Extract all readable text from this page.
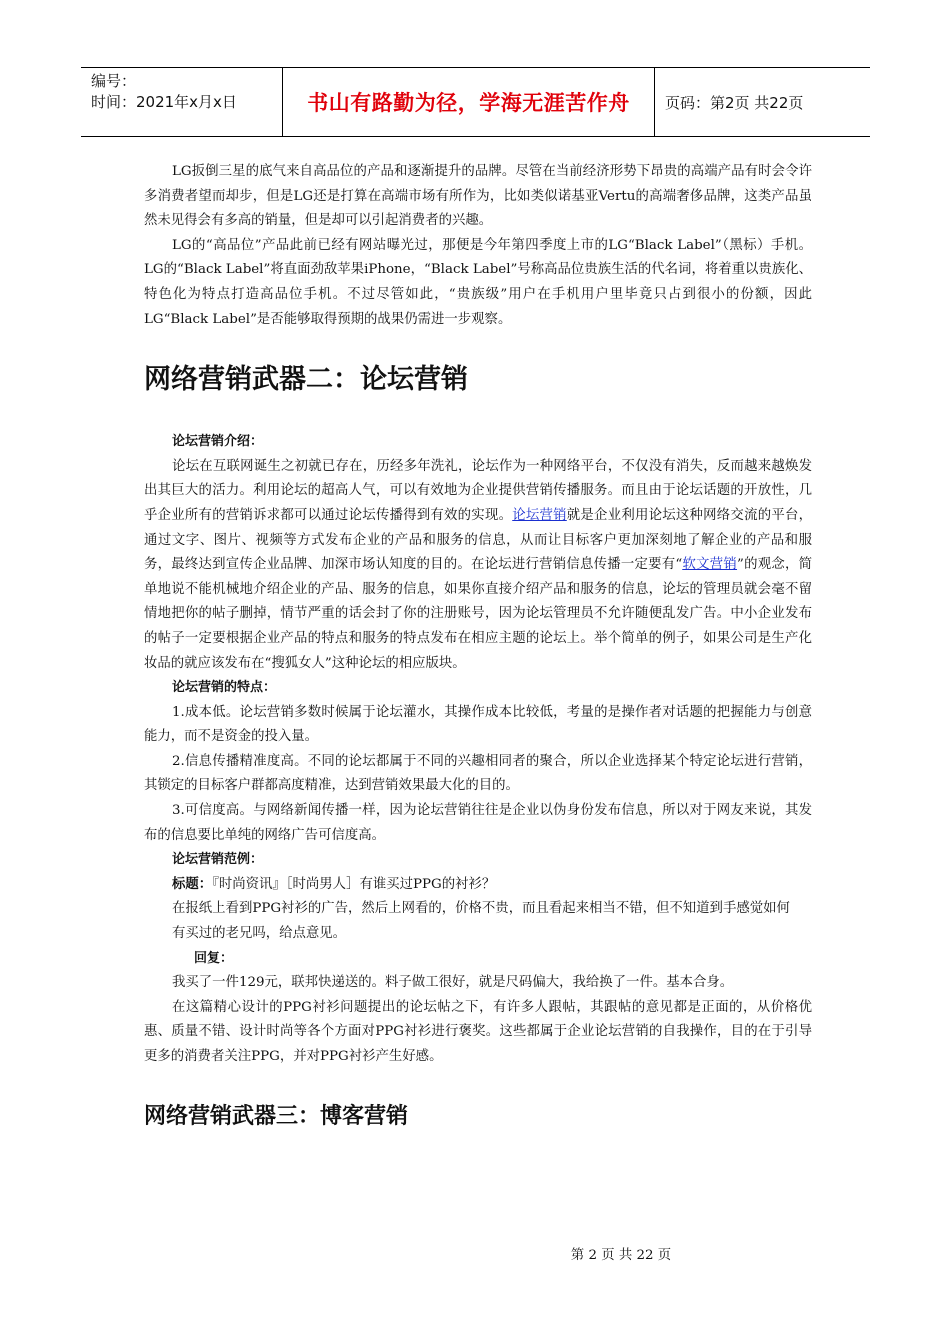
编号：
时间：2021年x月x日	书山有路勤为径，学海无涯苦作舟 页码：第2页 共22页

LG扳倒三星的底气来自高品位的产品和逐渐提升的品牌。尽管在当前经济形势下昂贵的高端产品有时会令许多消费者望而却步，但是LG还是打算在高端市场有所作为，比如类似诺基亚Vertu的高端奢侈品牌，这类产品虽然未见得会有多高的销量，但是却可以引起消费者的兴趣。

LG的“高品位”产品此前已经有网站曝光过，那便是今年第四季度上市的LG“Black Label”（黑标）手机。LG的“Black Label”将直面劲敌苹果iPhone，“Black Label”号称高品位贵族生活的代名词，将着重以贵族化、特色化为特点打造高品位手机。不过尽管如此，“贵族级”用户在手机用户里毕竟只占到很小的份额，因此LG“Black Label”是否能够取得预期的战果仍需进一步观察。

网络营销武器二：论坛营销

论坛营销介绍：

论坛在互联网诞生之初就已存在，历经多年洗礼，论坛作为一种网络平台，不仅没有消失，反而越来越焕发出其巨大的活力。利用论坛的超高人气，可以有效地为企业提供营销传播服务。而且由于论坛话题的开放性，几乎企业所有的营销诉求都可以通过论坛传播得到有效的实现。论坛营销就是企业利用论坛这种网络交流的平台，通过文字、图片、视频等方式发布企业的产品和服务的信息，从而让目标客户更加深刻地了解企业的产品和服务，最终达到宣传企业品牌、加深市场认知度的目的。在论坛进行营销信息传播一定要有“软文营销”的观念，简单地说不能机械地介绍企业的产品、服务的信息，如果你直接介绍产品和服务的信息，论坛的管理员就会毫不留情地把你的帖子删掉，情节严重的话会封了你的注册账号，因为论坛管理员不允许随便乱发广告。中小企业发布的帖子一定要根据企业产品的特点和服务的特点发布在相应主题的论坛上。举个简单的例子，如果公司是生产化妆品的就应该发布在“搜狐女人”这种论坛的相应版块。

论坛营销的特点：

1.成本低。论坛营销多数时候属于论坛灌水，其操作成本比较低，考量的是操作者对话题的把握能力与创意能力，而不是资金的投入量。

2.信息传播精准度高。不同的论坛都属于不同的兴趣相同者的聚合，所以企业选择某个特定论坛进行营销，其锁定的目标客户群都高度精准，达到营销效果最大化的目的。

3.可信度高。与网络新闻传播一样，因为论坛营销往往是企业以伪身份发布信息，所以对于网友来说，其发布的信息要比单纯的网络广告可信度高。

论坛营销范例：

标题：『时尚资讯』［时尚男人］有谁买过PPG的衬衫？

在报纸上看到PPG衬衫的广告，然后上网看的，价格不贵，而且看起来相当不错，但不知道到手感觉如何

有买过的老兄吗，给点意见。

回复：

我买了一件129元，联邦快递送的。料子做工很好，就是尺码偏大，我给换了一件。基本合身。

在这篇精心设计的PPG衬衫问题提出的论坛帖之下，有许多人跟帖，其跟帖的意见都是正面的，从价格优惠、质量不错、设计时尚等各个方面对PPG衬衫进行褒奖。这些都属于企业论坛营销的自我操作，目的在于引导更多的消费者关注PPG，并对PPG衬衫产生好感。

网络营销武器三：博客营销
第 2 页 共 22 页
